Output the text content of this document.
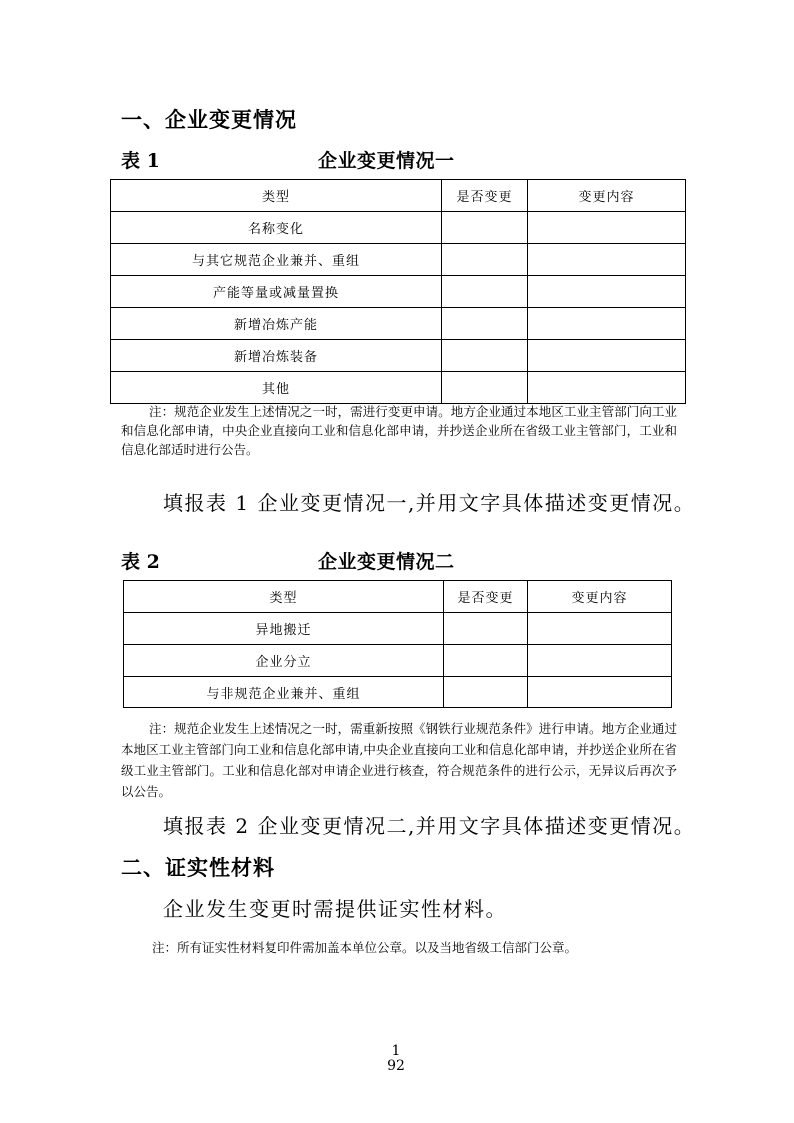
一、企业变更情况
表 1	企业变更情况一
类型	是否变更	变更内容
名称变化		
与其它规范企业兼并、重组		
产能等量或减量置换		
新增冶炼产能		
新增冶炼装备		
其他		
注：规范企业发生上述情况之一时，需进行变更申请。地方企业通过本地区工业主管部门向工业和信息化部申请，中央企业直接向工业和信息化部申请，并抄送企业所在省级工业主管部门，工业和信息化部适时进行公告。
填报表 1 企业变更情况一,并用文字具体描述变更情况。
表 2	企业变更情况二
类型	是否变更	变更内容
异地搬迁		
企业分立		
与非规范企业兼并、重组		
注：规范企业发生上述情况之一时，需重新按照《钢铁行业规范条件》进行申请。地方企业通过本地区工业主管部门向工业和信息化部申请,中央企业直接向工业和信息化部申请，并抄送企业所在省级工业主管部门。工业和信息化部对申请企业进行核查，符合规范条件的进行公示，无异议后再次予以公告。
填报表 2 企业变更情况二,并用文字具体描述变更情况。
二、证实性材料
企业发生变更时需提供证实性材料。
注：所有证实性材料复印件需加盖本单位公章。以及当地省级工信部门公章。
1
92
